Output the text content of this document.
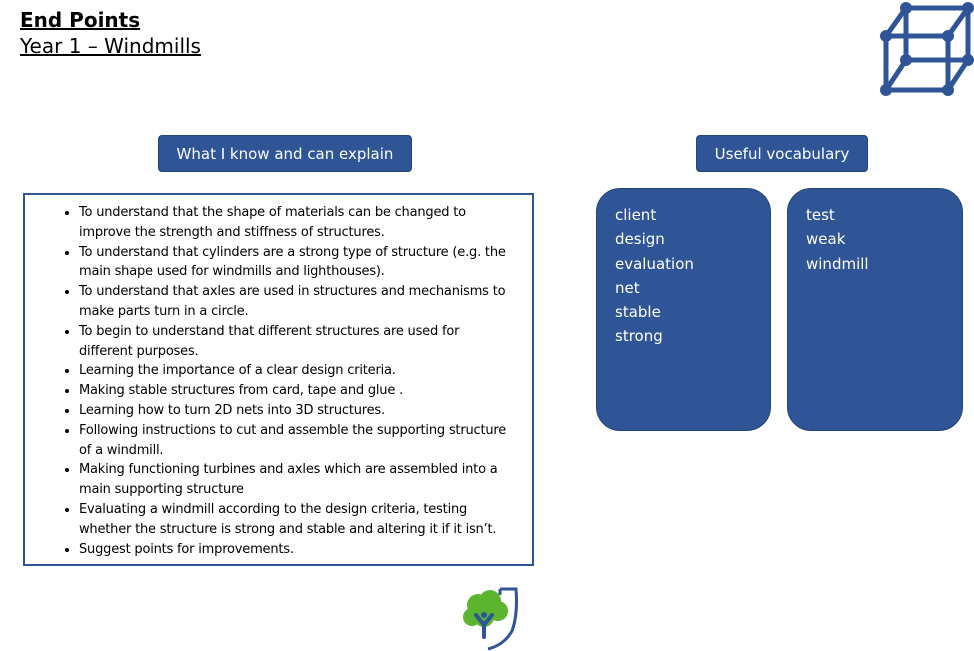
End Points
Year 1 – Windmills
What I know and can explain	Useful vocabulary
• To understand that the shape of materials can be changed to improve the strength and stiffness of structures.
• To understand that cylinders are a strong type of structure (e.g. the main shape used for windmills and lighthouses).
• To understand that axles are used in structures and mechanisms to make parts turn in a circle.
• To begin to understand that different structures are used for different purposes.
• Learning the importance of a clear design criteria.
• Making stable structures from card, tape and glue .
• Learning how to turn 2D nets into 3D structures.
• Following instructions to cut and assemble the supporting structure of a windmill.
• Making functioning turbines and axles which are assembled into a main supporting structure
• Evaluating a windmill according to the design criteria, testing whether the structure is strong and stable and altering it if it isn’t.
• Suggest points for improvements.
client
design
evaluation
net
stable
strong
test
weak
windmill
